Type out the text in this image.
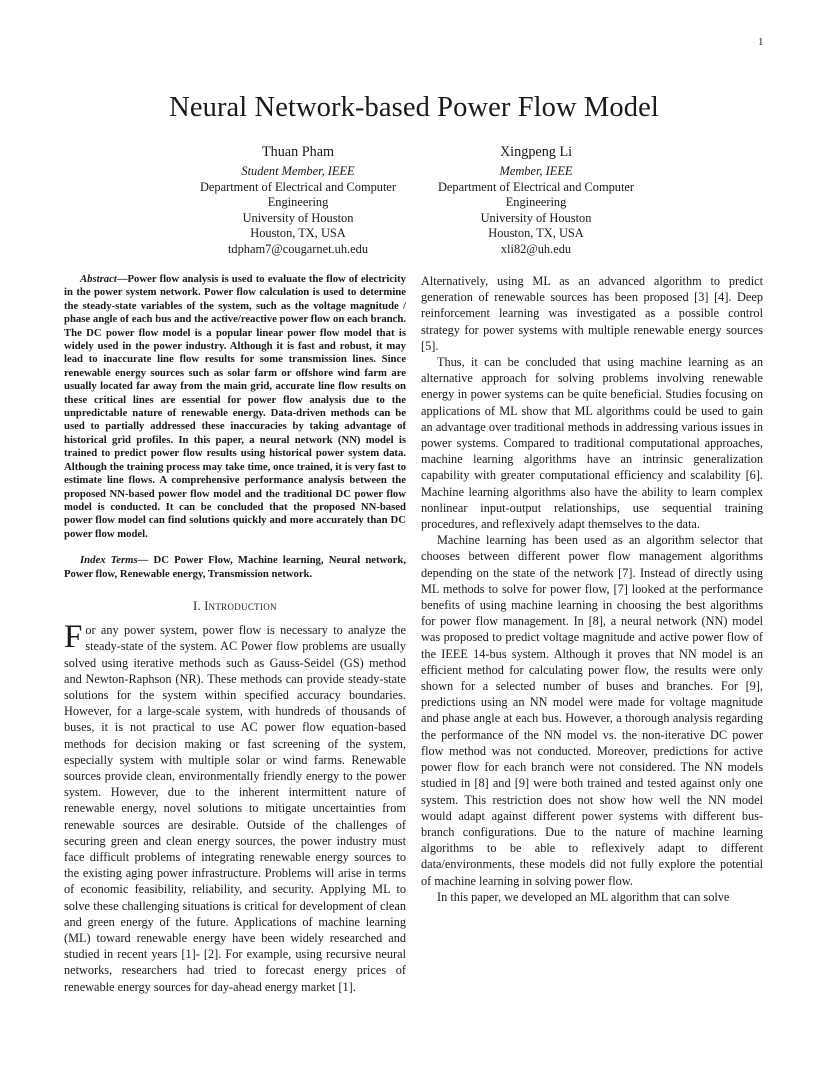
1
Neural Network-based Power Flow Model
Thuan Pham
Student Member, IEEE
Department of Electrical and Computer
Engineering
University of Houston
Houston, TX, USA
tdpham7@cougarnet.uh.edu
Xingpeng Li
Member, IEEE
Department of Electrical and Computer
Engineering
University of Houston
Houston, TX, USA
xli82@uh.edu

Abstract—Power flow analysis is used to evaluate the flow of electricity in the power system network. Power flow calculation is used to determine the steady-state variables of the system, such as the voltage magnitude / phase angle of each bus and the active/reactive power flow on each branch. The DC power flow model is a popular linear power flow model that is widely used in the power industry. Although it is fast and robust, it may lead to inaccurate line flow results for some transmission lines. Since renewable energy sources such as solar farm or offshore wind farm are usually located far away from the main grid, accurate line flow results on these critical lines are essential for power flow analysis due to the unpredictable nature of renewable energy. Data-driven methods can be used to partially addressed these inaccuracies by taking advantage of historical grid profiles. In this paper, a neural network (NN) model is trained to predict power flow results using historical power system data. Although the training process may take time, once trained, it is very fast to estimate line flows. A comprehensive performance analysis between the proposed NN-based power flow model and the traditional DC power flow model is conducted. It can be concluded that the proposed NN-based power flow model can find solutions quickly and more accurately than DC power flow model.

Index Terms— DC Power Flow, Machine learning, Neural network, Power flow, Renewable energy, Transmission network.

I. Introduction

For any power system, power flow is necessary to analyze the steady-state of the system. AC Power flow problems are usually solved using iterative methods such as Gauss-Seidel (GS) method and Newton-Raphson (NR). These methods can provide steady-state solutions for the system within specified accuracy boundaries. However, for a large-scale system, with hundreds of thousands of buses, it is not practical to use AC power flow equation-based methods for decision making or fast screening of the system, especially system with multiple solar or wind farms. Renewable sources provide clean, environmentally friendly energy to the power system. However, due to the inherent intermittent nature of renewable energy, novel solutions to mitigate uncertainties from renewable sources are desirable. Outside of the challenges of securing green and clean energy sources, the power industry must face difficult problems of integrating renewable energy sources to the existing aging power infrastructure. Problems will arise in terms of economic feasibility, reliability, and security. Applying ML to solve these challenging situations is critical for development of clean and green energy of the future. Applications of machine learning (ML) toward renewable energy have been widely researched and studied in recent years [1]- [2]. For example, using recursive neural networks, researchers had tried to forecast energy prices of renewable energy sources for day-ahead energy market [1].

Alternatively, using ML as an advanced algorithm to predict generation of renewable sources has been proposed [3] [4]. Deep reinforcement learning was investigated as a possible control strategy for power systems with multiple renewable energy sources [5].

Thus, it can be concluded that using machine learning as an alternative approach for solving problems involving renewable energy in power systems can be quite beneficial. Studies focusing on applications of ML show that ML algorithms could be used to gain an advantage over traditional methods in addressing various issues in power systems. Compared to traditional computational approaches, machine learning algorithms have an intrinsic generalization capability with greater computational efficiency and scalability [6]. Machine learning algorithms also have the ability to learn complex nonlinear input-output relationships, use sequential training procedures, and reflexively adapt themselves to the data.

Machine learning has been used as an algorithm selector that chooses between different power flow management algorithms depending on the state of the network [7]. Instead of directly using ML methods to solve for power flow, [7] looked at the performance benefits of using machine learning in choosing the best algorithms for power flow management. In [8], a neural network (NN) model was proposed to predict voltage magnitude and active power flow of the IEEE 14-bus system. Although it proves that NN model is an efficient method for calculating power flow, the results were only shown for a selected number of buses and branches. For [9], predictions using an NN model were made for voltage magnitude and phase angle at each bus. However, a thorough analysis regarding the performance of the NN model vs. the non-iterative DC power flow method was not conducted. Moreover, predictions for active power flow for each branch were not considered. The NN models studied in [8] and [9] were both trained and tested against only one system. This restriction does not show how well the NN model would adapt against different power systems with different bus-branch configurations. Due to the nature of machine learning algorithms to be able to reflexively adapt to different data/environments, these models did not fully explore the potential of machine learning in solving power flow.

In this paper, we developed an ML algorithm that can solve
